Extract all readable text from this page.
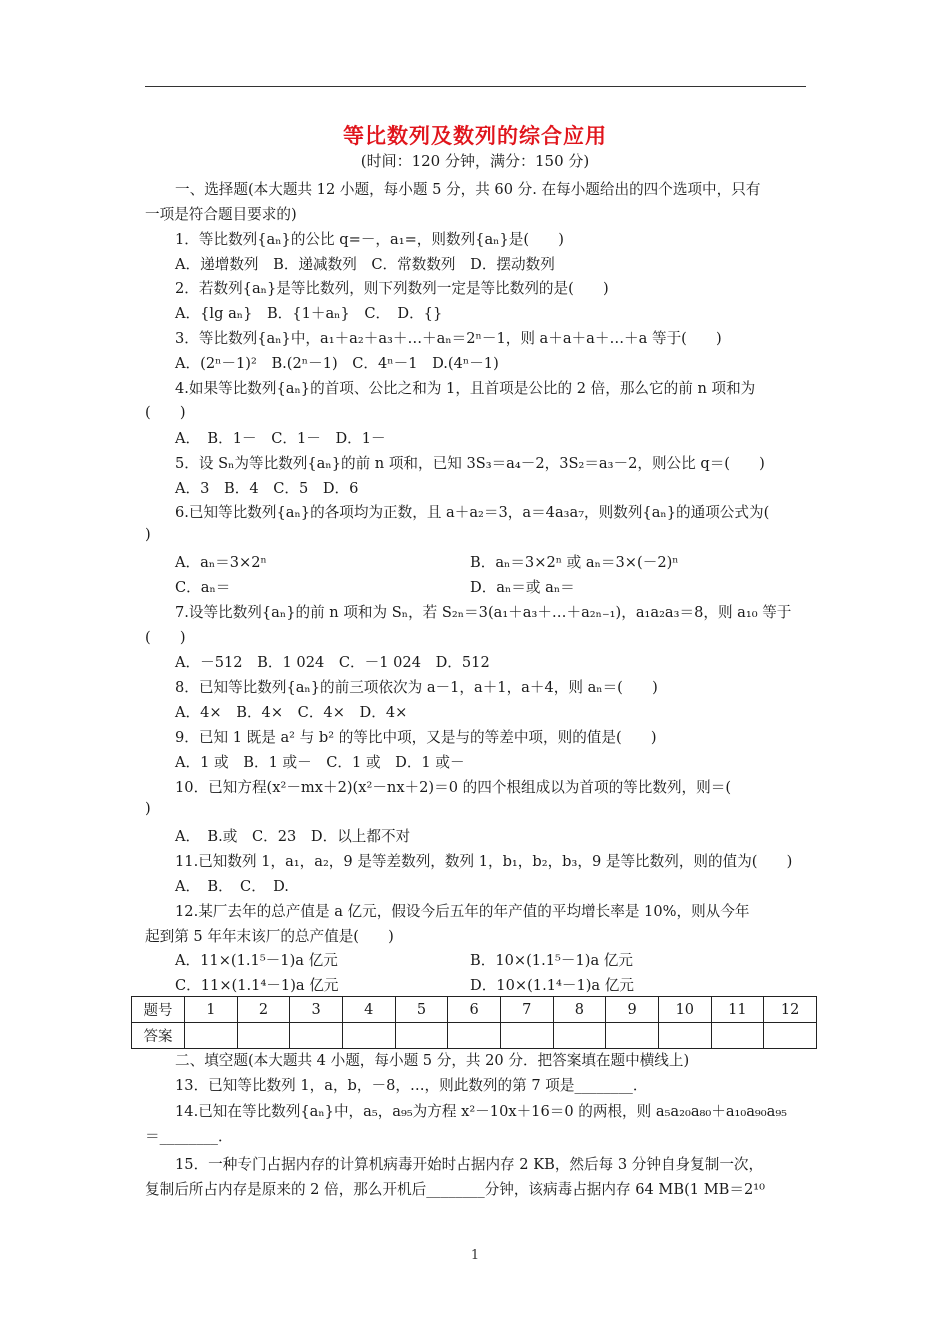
等比数列及数列的综合应用
(时间：120 分钟，满分：150 分)
一、选择题(本大题共 12 小题，每小题 5 分，共 60 分. 在每小题给出的四个选项中，只有
一项是符合题目要求的)
1．等比数列{aₙ}的公比 q=－，a₁=，则数列{aₙ}是(　　)
A．递增数列　B．递减数列　C．常数数列　D．摆动数列
2．若数列{aₙ}是等比数列，则下列数列一定是等比数列的是(　　)
A．{lg aₙ}　B．{1＋aₙ}　C．　D．{}
3．等比数列{aₙ}中，a₁＋a₂＋a₃＋…＋aₙ＝2ⁿ－1，则 a＋a＋a＋…＋a 等于(　　)
A．(2ⁿ－1)²　B.(2ⁿ－1)　C．4ⁿ－1　D.(4ⁿ－1)
4.如果等比数列{aₙ}的首项、公比之和为 1，且首项是公比的 2 倍，那么它的前 n 项和为
(　　)
A．　B．1－　C．1－　D．1－
5．设 Sₙ为等比数列{aₙ}的前 n 项和，已知 3S₃＝a₄－2，3S₂＝a₃－2，则公比 q＝(　　)
A．3　B．4　C．5　D．6
6.已知等比数列{aₙ}的各项均为正数，且 a＋a₂＝3，a＝4a₃a₇，则数列{aₙ}的通项公式为(
)
A．aₙ＝3×2ⁿ	B．aₙ＝3×2ⁿ 或 aₙ＝3×(－2)ⁿ
C．aₙ＝	D．aₙ＝或 aₙ＝
7.设等比数列{aₙ}的前 n 项和为 Sₙ，若 S₂ₙ＝3(a₁＋a₃＋…＋a₂ₙ₋₁)，a₁a₂a₃＝8，则 a₁₀ 等于
(　　)
A．－512　B．1 024　C．－1 024　D．512
8．已知等比数列{aₙ}的前三项依次为 a－1，a＋1，a＋4，则 aₙ＝(　　)
A．4×　B．4×　C．4×　D．4×
9．已知 1 既是 a² 与 b² 的等比中项，又是与的等差中项，则的值是(　　)
A．1 或　B．1 或－　C．1 或　D．1 或－
10．已知方程(x²－mx＋2)(x²－nx＋2)＝0 的四个根组成以为首项的等比数列，则＝(
)
A．　B.或　C．23　D．以上都不对
11.已知数列 1，a₁，a₂，9 是等差数列，数列 1，b₁，b₂，b₃，9 是等比数列，则的值为(　　)
A．　B．　C．　D.
12.某厂去年的总产值是 a 亿元，假设今后五年的年产值的平均增长率是 10%，则从今年
起到第 5 年年末该厂的总产值是(　　)
A．11×(1.1⁵－1)a 亿元	B．10×(1.1⁵－1)a 亿元
C．11×(1.1⁴－1)a 亿元	D．10×(1.1⁴－1)a 亿元
题号	1	2	3	4	5	6	7	8	9	10	11	12
答案												
二、填空题(本大题共 4 小题，每小题 5 分，共 20 分．把答案填在题中横线上)
13．已知等比数列 1，a，b，－8，…，则此数列的第 7 项是________．
14.已知在等比数列{aₙ}中，a₅，a₉₅为方程 x²－10x＋16＝0 的两根，则 a₅a₂₀a₈₀＋a₁₀a₉₀a₉₅
＝________．
15．一种专门占据内存的计算机病毒开始时占据内存 2 KB，然后每 3 分钟自身复制一次，
复制后所占内存是原来的 2 倍，那么开机后________分钟，该病毒占据内存 64 MB(1 MB＝2¹⁰
1
